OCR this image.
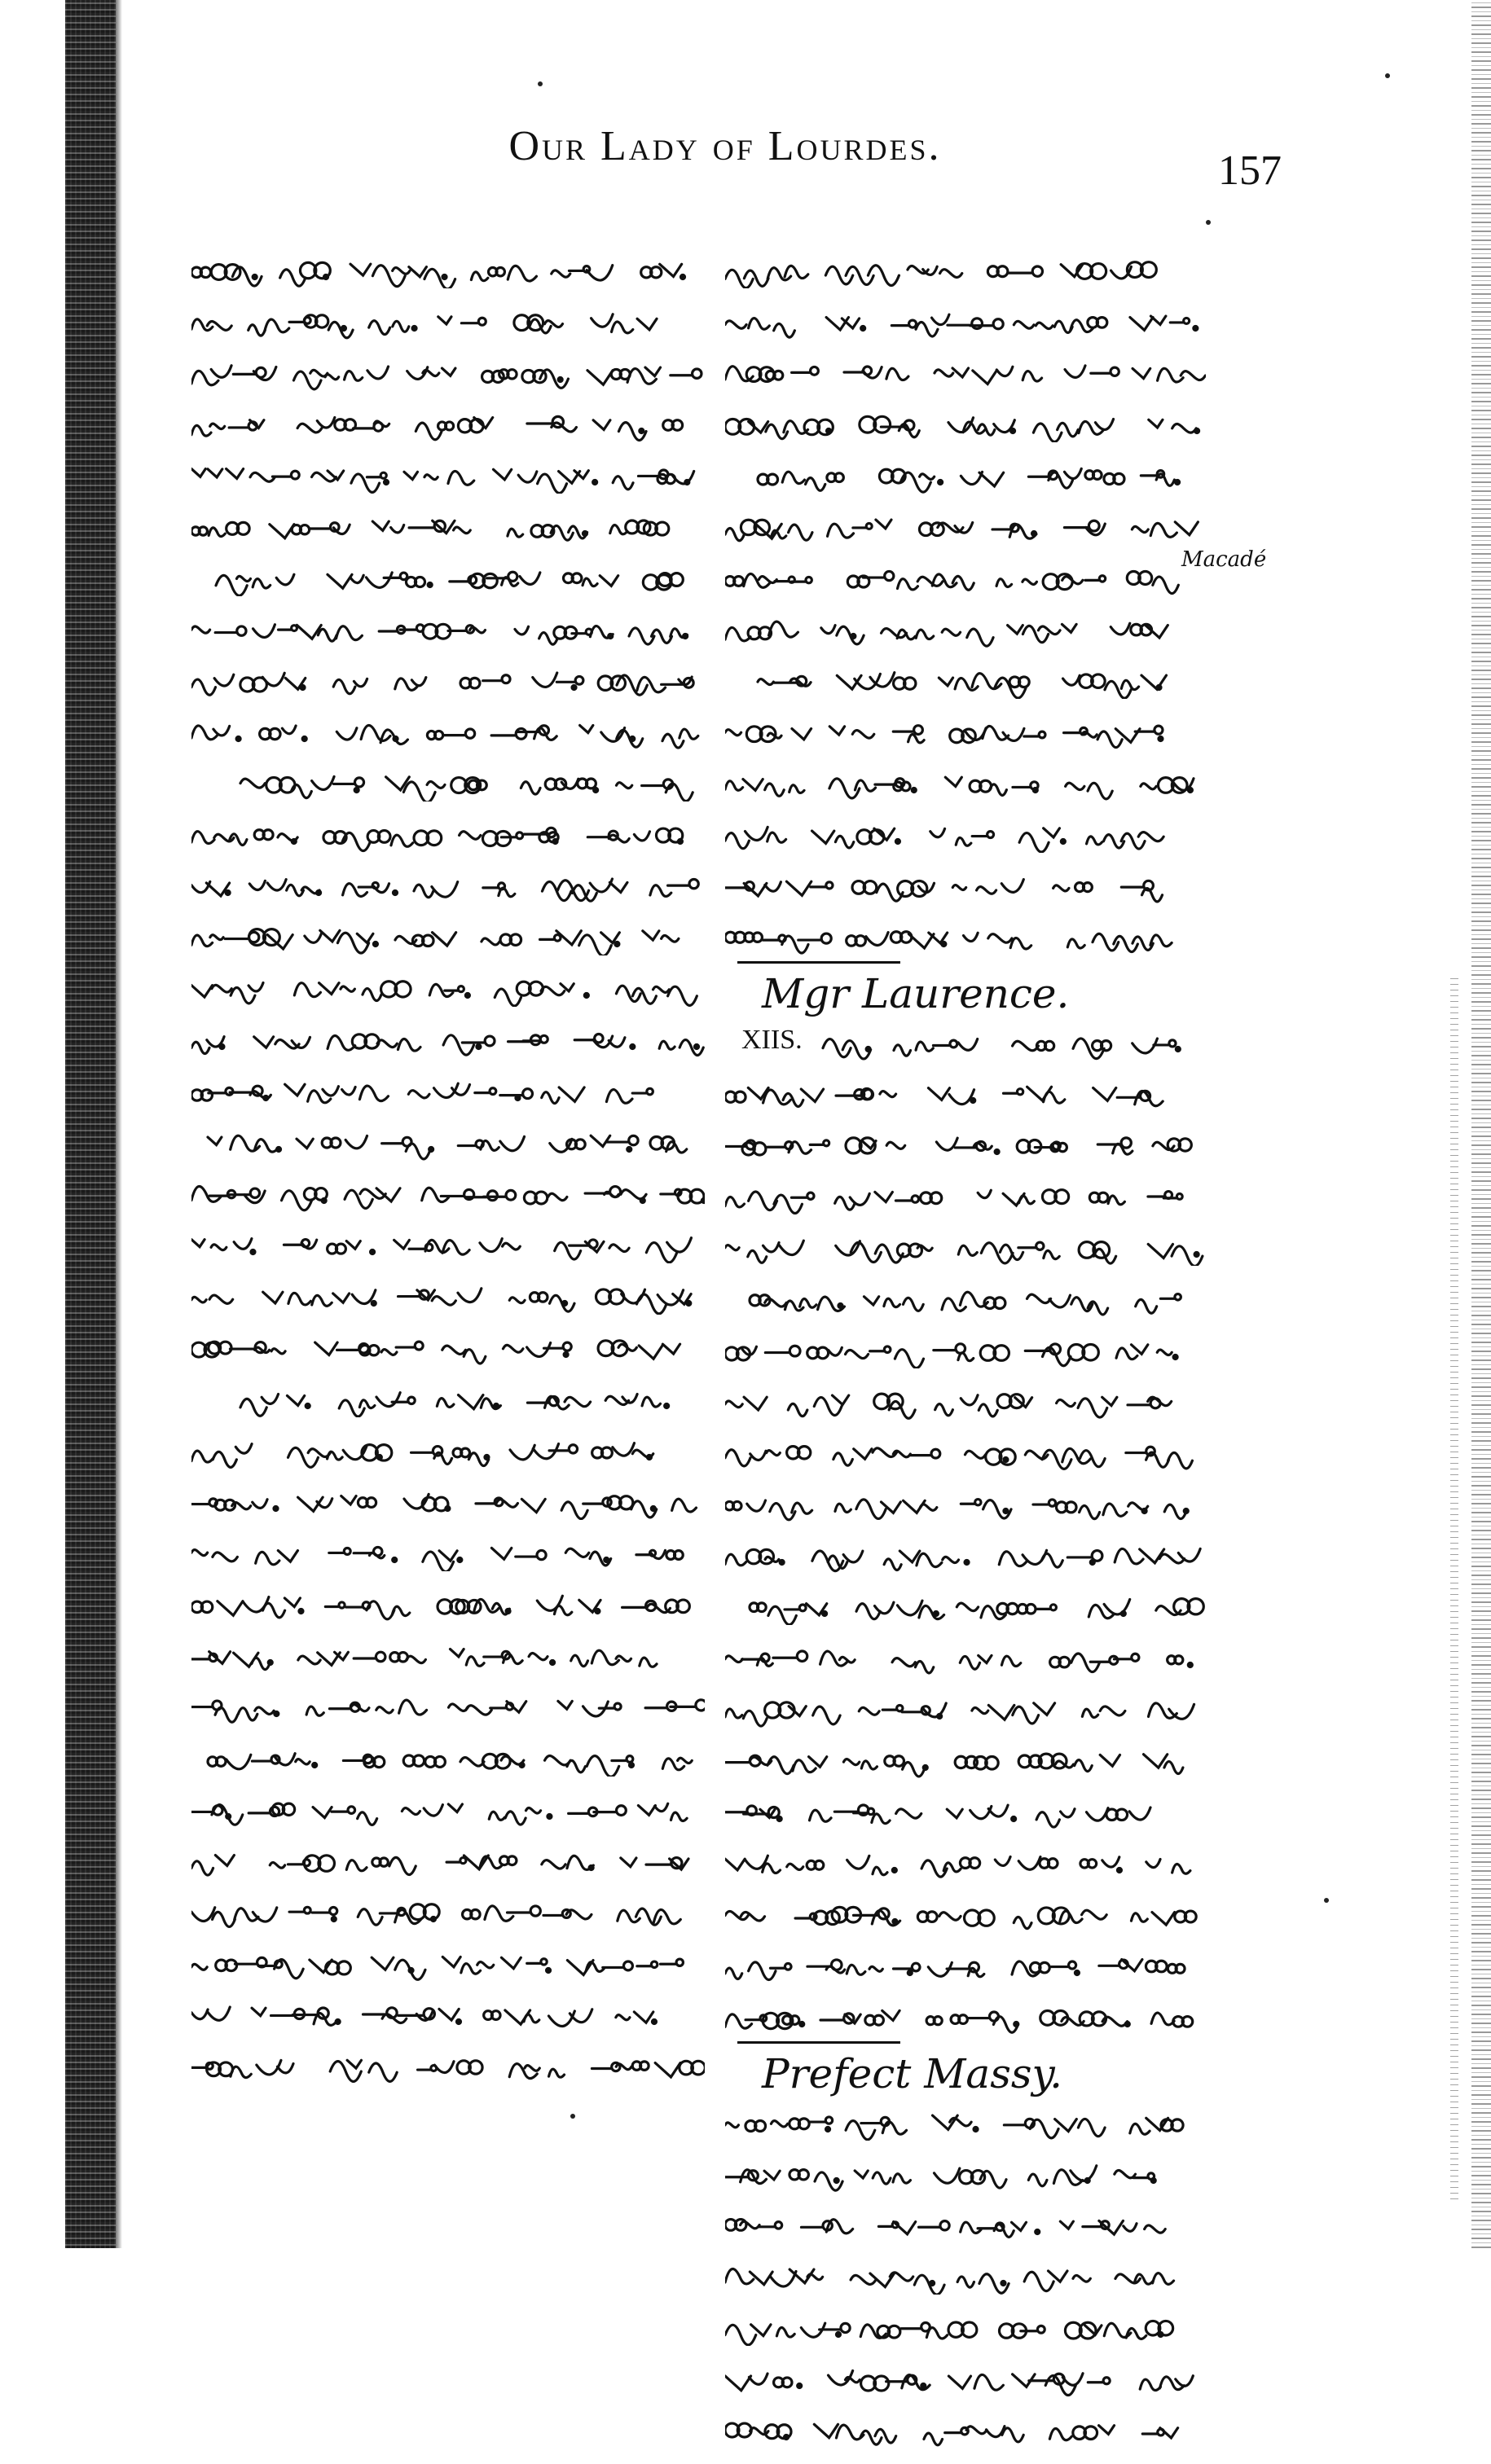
Our Lady of Lourdes.
157
Mgr Laurence.
XIIS.
Prefect Massy.
Macadé
